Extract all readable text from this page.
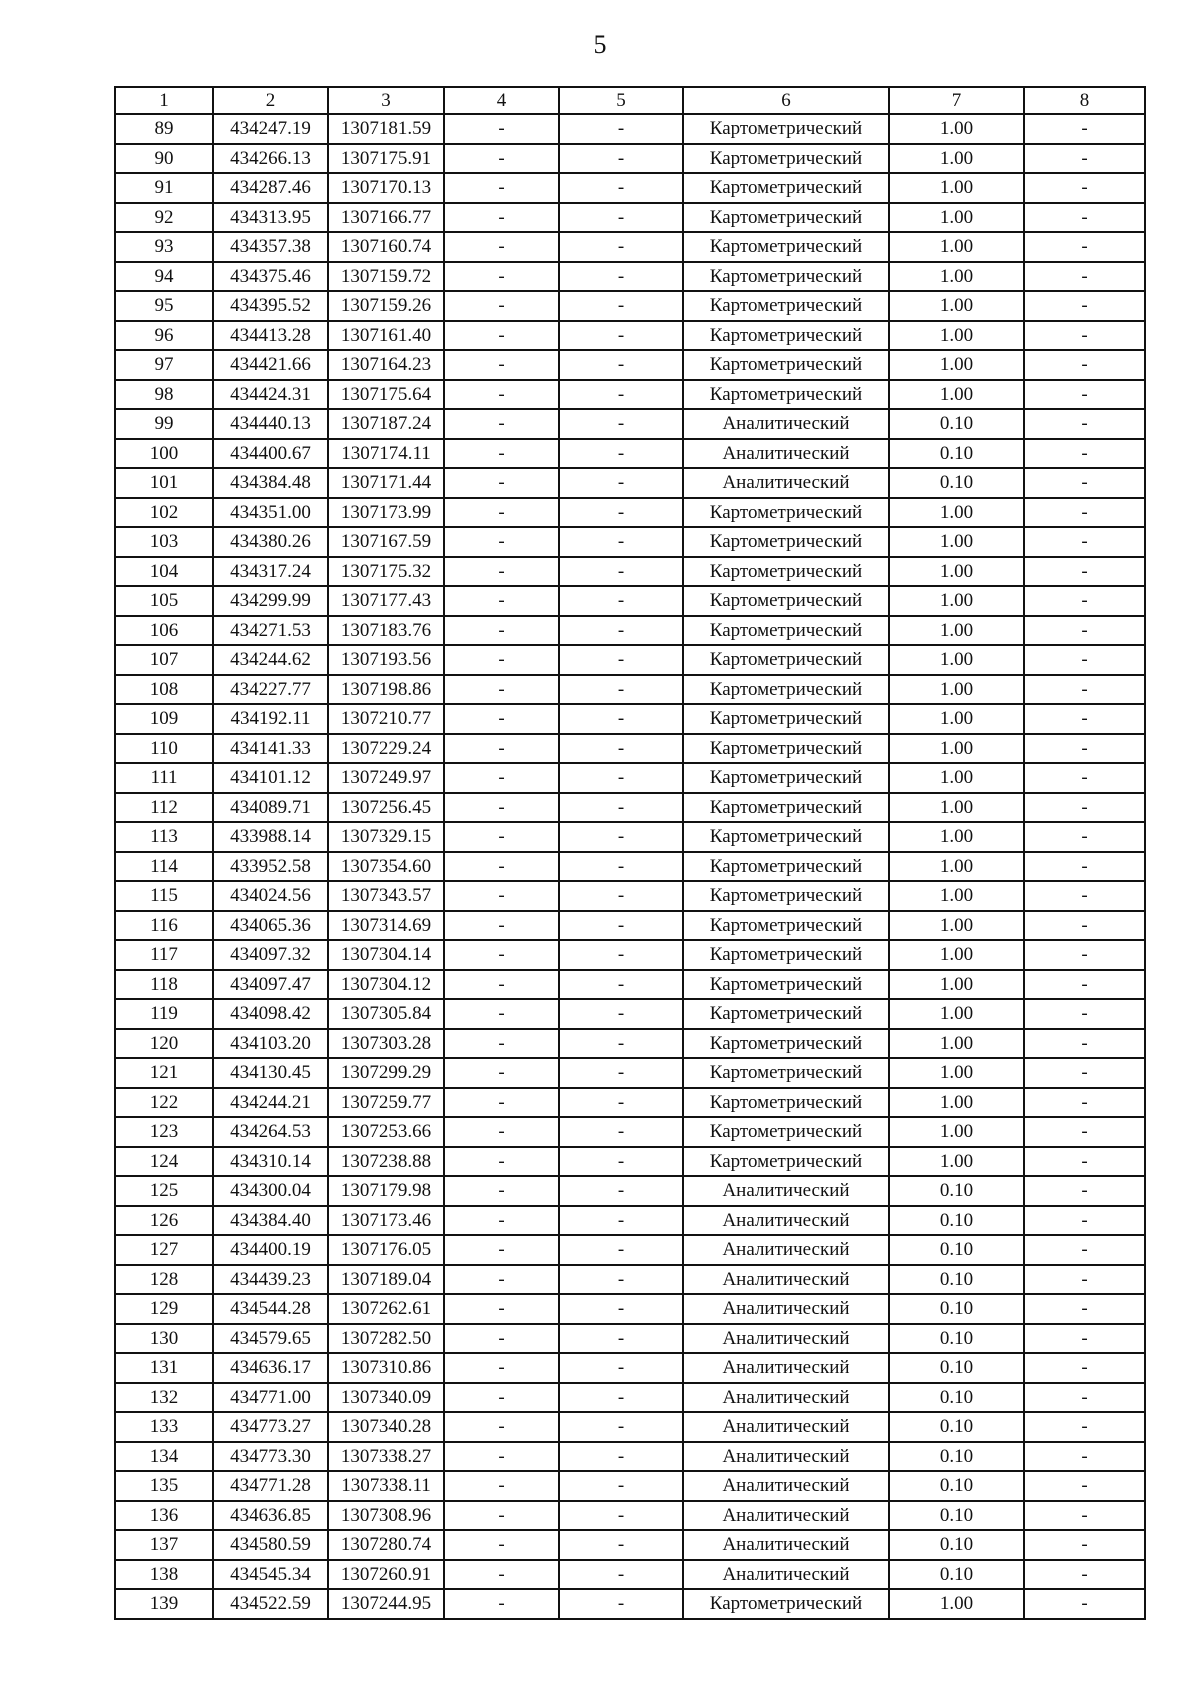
5
1	2	3	4	5	6	7	8
89	434247.19	1307181.59	-	-	Картометрический	1.00	-
90	434266.13	1307175.91	-	-	Картометрический	1.00	-
91	434287.46	1307170.13	-	-	Картометрический	1.00	-
92	434313.95	1307166.77	-	-	Картометрический	1.00	-
93	434357.38	1307160.74	-	-	Картометрический	1.00	-
94	434375.46	1307159.72	-	-	Картометрический	1.00	-
95	434395.52	1307159.26	-	-	Картометрический	1.00	-
96	434413.28	1307161.40	-	-	Картометрический	1.00	-
97	434421.66	1307164.23	-	-	Картометрический	1.00	-
98	434424.31	1307175.64	-	-	Картометрический	1.00	-
99	434440.13	1307187.24	-	-	Аналитический	0.10	-
100	434400.67	1307174.11	-	-	Аналитический	0.10	-
101	434384.48	1307171.44	-	-	Аналитический	0.10	-
102	434351.00	1307173.99	-	-	Картометрический	1.00	-
103	434380.26	1307167.59	-	-	Картометрический	1.00	-
104	434317.24	1307175.32	-	-	Картометрический	1.00	-
105	434299.99	1307177.43	-	-	Картометрический	1.00	-
106	434271.53	1307183.76	-	-	Картометрический	1.00	-
107	434244.62	1307193.56	-	-	Картометрический	1.00	-
108	434227.77	1307198.86	-	-	Картометрический	1.00	-
109	434192.11	1307210.77	-	-	Картометрический	1.00	-
110	434141.33	1307229.24	-	-	Картометрический	1.00	-
111	434101.12	1307249.97	-	-	Картометрический	1.00	-
112	434089.71	1307256.45	-	-	Картометрический	1.00	-
113	433988.14	1307329.15	-	-	Картометрический	1.00	-
114	433952.58	1307354.60	-	-	Картометрический	1.00	-
115	434024.56	1307343.57	-	-	Картометрический	1.00	-
116	434065.36	1307314.69	-	-	Картометрический	1.00	-
117	434097.32	1307304.14	-	-	Картометрический	1.00	-
118	434097.47	1307304.12	-	-	Картометрический	1.00	-
119	434098.42	1307305.84	-	-	Картометрический	1.00	-
120	434103.20	1307303.28	-	-	Картометрический	1.00	-
121	434130.45	1307299.29	-	-	Картометрический	1.00	-
122	434244.21	1307259.77	-	-	Картометрический	1.00	-
123	434264.53	1307253.66	-	-	Картометрический	1.00	-
124	434310.14	1307238.88	-	-	Картометрический	1.00	-
125	434300.04	1307179.98	-	-	Аналитический	0.10	-
126	434384.40	1307173.46	-	-	Аналитический	0.10	-
127	434400.19	1307176.05	-	-	Аналитический	0.10	-
128	434439.23	1307189.04	-	-	Аналитический	0.10	-
129	434544.28	1307262.61	-	-	Аналитический	0.10	-
130	434579.65	1307282.50	-	-	Аналитический	0.10	-
131	434636.17	1307310.86	-	-	Аналитический	0.10	-
132	434771.00	1307340.09	-	-	Аналитический	0.10	-
133	434773.27	1307340.28	-	-	Аналитический	0.10	-
134	434773.30	1307338.27	-	-	Аналитический	0.10	-
135	434771.28	1307338.11	-	-	Аналитический	0.10	-
136	434636.85	1307308.96	-	-	Аналитический	0.10	-
137	434580.59	1307280.74	-	-	Аналитический	0.10	-
138	434545.34	1307260.91	-	-	Аналитический	0.10	-
139	434522.59	1307244.95	-	-	Картометрический	1.00	-
